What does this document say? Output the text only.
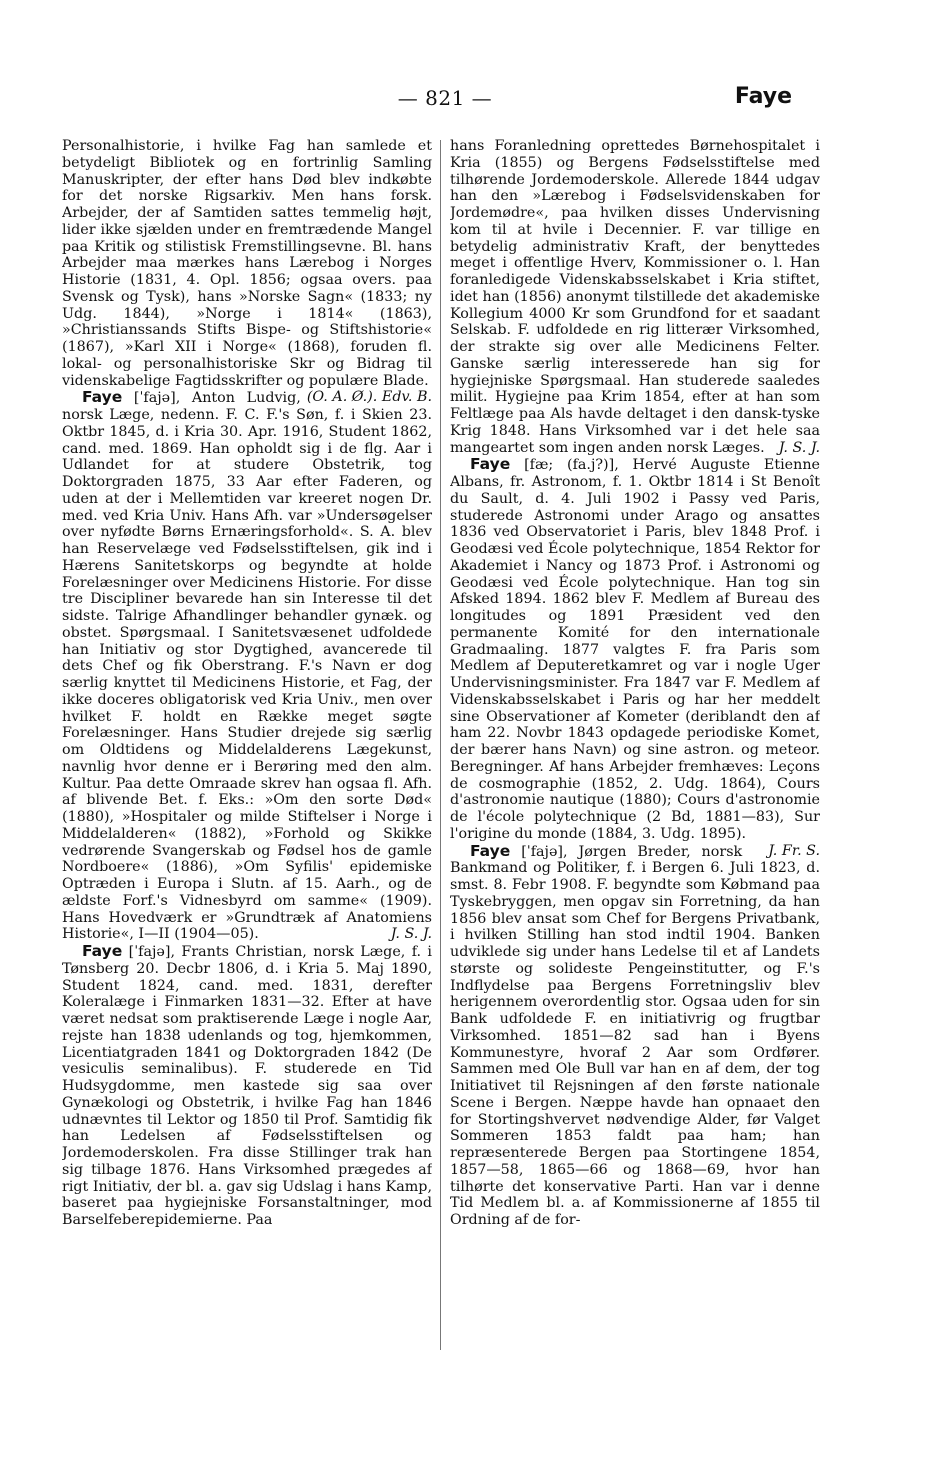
— 821 —	Faye

Personalhistorie, i hvilke Fag han samlede et betydeligt Bibliotek og en fortrinlig Samling Manuskripter, der efter hans Død blev indkøbte for det norske Rigsarkiv. Men hans forsk. Arbejder, der af Samtiden sattes temmelig højt, lider ikke sjælden under en fremtrædende Mangel paa Kritik og stilistisk Fremstillingsevne. Bl. hans Arbejder maa mærkes hans Lærebog i Norges Historie (1831, 4. Opl. 1856; ogsaa overs. paa Svensk og Tysk), hans »Norske Sagn« (1833; ny Udg. 1844), »Norge i 1814« (1863), »Christianssands Stifts Bispe- og Stiftshistorie« (1867), »Karl XII i Norge« (1868), foruden fl. lokal- og personalhistoriske Skr og Bidrag til videnskabelige Fagtidsskrifter og populære Blade.
(O. A. Ø.). Edv. B.

Faye [ˈfajə], Anton Ludvig, norsk Læge, nedenn. F. C. F.'s Søn, f. i Skien 23. Oktbr 1845, d. i Kria 30. Apr. 1916, Student 1862, cand. med. 1869. Han opholdt sig i de flg. Aar i Udlandet for at studere Obstetrik, tog Doktorgraden 1875, 33 Aar efter Faderen, og uden at der i Mellemtiden var kreeret nogen Dr. med. ved Kria Univ. Hans Afh. var »Undersøgelser over nyfødte Børns Ernæringsforhold«. S. A. blev han Reservelæge ved Fødselsstiftelsen, gik ind i Hærens Sanitetskorps og begyndte at holde Forelæsninger over Medicinens Historie. For disse tre Discipliner bevarede han sin Interesse til det sidste. Talrige Afhandlinger behandler gynæk. og obstet. Spørgsmaal. I Sanitetsvæsenet udfoldede han Initiativ og stor Dygtighed, avancerede til dets Chef og fik Oberstrang. F.'s Navn er dog særlig knyttet til Medicinens Historie, et Fag, der ikke doceres obligatorisk ved Kria Univ., men over hvilket F. holdt en Række meget søgte Forelæsninger. Hans Studier drejede sig særlig om Oldtidens og Middelalderens Lægekunst, navnlig hvor denne er i Berøring med den alm. Kultur. Paa dette Omraade skrev han ogsaa fl. Afh. af blivende Bet. f. Eks.: »Om den sorte Død« (1880), »Hospitaler og milde Stiftelser i Norge i Middelalderen« (1882), »Forhold og Skikke vedrørende Svangerskab og Fødsel hos de gamle Nordboere« (1886), »Om Syfilis' epidemiske Optræden i Europa i Slutn. af 15. Aarh., og de ældste Forf.'s Vidnesbyrd om samme« (1909). Hans Hovedværk er »Grundtræk af Anatomiens Historie«, I—II (1904—05).	J. S. J.

Faye [ˈfajə], Frants Christian, norsk Læge, f. i Tønsberg 20. Decbr 1806, d. i Kria 5. Maj 1890, Student 1824, cand. med. 1831, derefter Koleralæge i Finmarken 1831—32. Efter at have været nedsat som praktiserende Læge i nogle Aar, rejste han 1838 udenlands og tog, hjemkommen, Licentiatgraden 1841 og Doktorgraden 1842 (De vesiculis seminalibus). F. studerede en Tid Hudsygdomme, men kastede sig saa over Gynækologi og Obstetrik, i hvilke Fag han 1846 udnævntes til Lektor og 1850 til Prof. Samtidig fik han Ledelsen af Fødselsstiftelsen og Jordemoderskolen. Fra disse Stillinger trak han sig tilbage 1876. Hans Virksomhed prægedes af rigt Initiativ, der bl. a. gav sig Udslag i hans Kamp, baseret paa hygiejniske Forsanstaltninger, mod Barselfeberepidemierne. Paa

hans Foranledning oprettedes Børnehospitalet i Kria (1855) og Bergens Fødselsstiftelse med tilhørende Jordemoderskole. Allerede 1844 udgav han den »Lærebog i Fødselsvidenskaben for Jordemødre«, paa hvilken disses Undervisning kom til at hvile i Decennier. F. var tillige en betydelig administrativ Kraft, der benyttedes meget i offentlige Hverv, Kommissioner o. l. Han foranledigede Videnskabsselskabet i Kria stiftet, idet han (1856) anonymt tilstillede det akademiske Kollegium 4000 Kr som Grundfond for et saadant Selskab. F. udfoldede en rig litterær Virksomhed, der strakte sig over alle Medicinens Felter. Ganske særlig interesserede han sig for hygiejniske Spørgsmaal. Han studerede saaledes milit. Hygiejne paa Krim 1854, efter at han som Feltlæge paa Als havde deltaget i den dansk-tyske Krig 1848. Hans Virksomhed var i det hele saa mangeartet som ingen anden norsk Læges. J. S. J.

Faye [fæ; (fa.j?)], Hervé Auguste Etienne Albans, fr. Astronom, f. 1. Oktbr 1814 i St Benoît du Sault, d. 4. Juli 1902 i Passy ved Paris, studerede Astronomi under Arago og ansattes 1836 ved Observatoriet i Paris, blev 1848 Prof. i Geodæsi ved École polytechnique, 1854 Rektor for Akademiet i Nancy og 1873 Prof. i Astronomi og Geodæsi ved École polytechnique. Han tog sin Afsked 1894. 1862 blev F. Medlem af Bureau des longitudes og 1891 Præsident ved den permanente Komité for den internationale Gradmaaling. 1877 valgtes F. fra Paris som Medlem af Deputeretkamret og var i nogle Uger Undervisningsminister. Fra 1847 var F. Medlem af Videnskabsselskabet i Paris og har her meddelt sine Observationer af Kometer (deriblandt den af ham 22. Novbr 1843 opdagede periodiske Komet, der bærer hans Navn) og sine astron. og meteor. Beregninger. Af hans Arbejder fremhæves: Leçons de cosmographie (1852, 2. Udg. 1864), Cours d'astronomie nautique (1880); Cours d'astronomie de l'école polytechnique (2 Bd, 1881—83), Sur l'origine du monde (1884, 3. Udg. 1895).
J. Fr. S.

Faye [ˈfajə], Jørgen Breder, norsk Bankmand og Politiker, f. i Bergen 6. Juli 1823, d. smst. 8. Febr 1908. F. begyndte som Købmand paa Tyskebryggen, men opgav sin Forretning, da han 1856 blev ansat som Chef for Bergens Privatbank, i hvilken Stilling han stod indtil 1904. Banken udviklede sig under hans Ledelse til et af Landets største og solideste Pengeinstitutter, og F.'s Indflydelse paa Bergens Forretningsliv blev herigennem overordentlig stor. Ogsaa uden for sin Bank udfoldede F. en initiativrig og frugtbar Virksomhed. 1851—82 sad han i Byens Kommunestyre, hvoraf 2 Aar som Ordfører. Sammen med Ole Bull var han en af dem, der tog Initiativet til Rejsningen af den første nationale Scene i Bergen. Næppe havde han opnaaet den for Stortingshvervet nødvendige Alder, før Valget Sommeren 1853 faldt paa ham; han repræsenterede Bergen paa Stortingene 1854, 1857—58, 1865—66 og 1868—69, hvor han tilhørte det konservative Parti. Han var i denne Tid Medlem bl. a. af Kommissionerne af 1855 til Ordning af de for-
